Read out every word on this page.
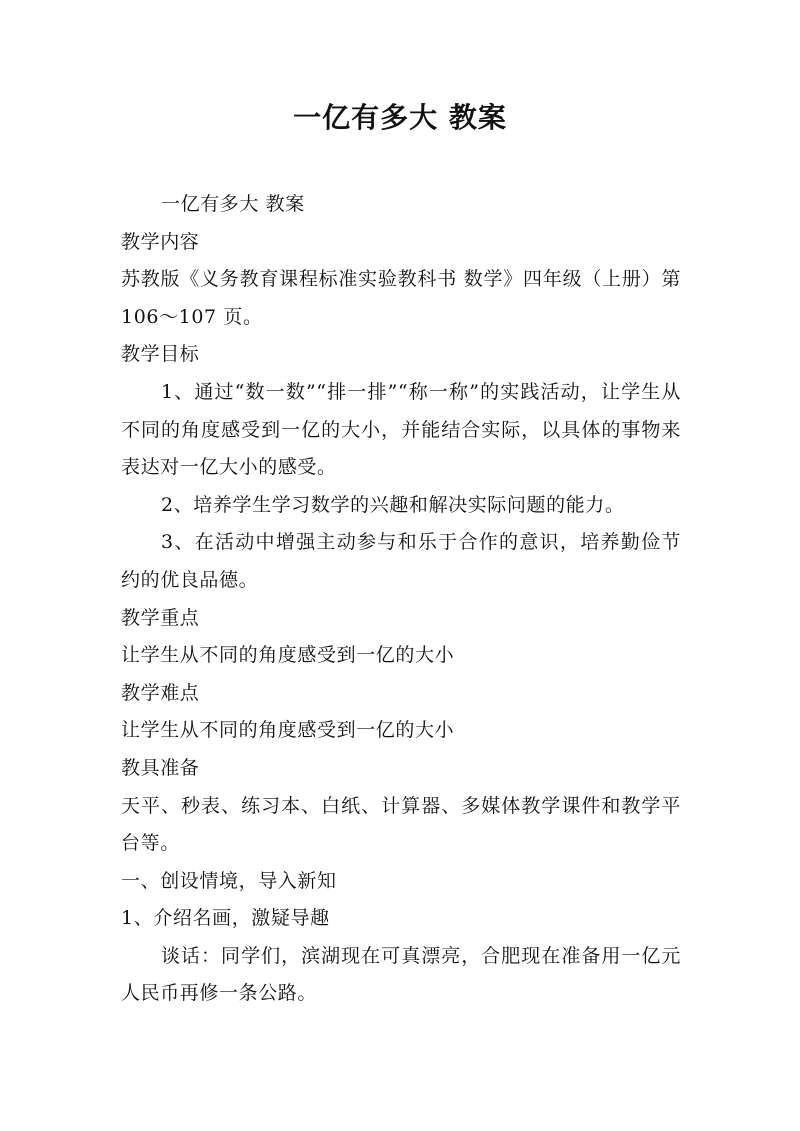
一亿有多大 教案

一亿有多大 教案

教学内容

苏教版《义务教育课程标准实验教科书 数学》四年级（上册）第 106～107 页。

教学目标

1、通过“数一数”“排一排”“称一称”的实践活动，让学生从不同的角度感受到一亿的大小，并能结合实际，以具体的事物来表达对一亿大小的感受。

2、培养学生学习数学的兴趣和解决实际问题的能力。

3、在活动中增强主动参与和乐于合作的意识，培养勤俭节约的优良品德。

教学重点

让学生从不同的角度感受到一亿的大小

教学难点

让学生从不同的角度感受到一亿的大小

教具准备

天平、秒表、练习本、白纸、计算器、多媒体教学课件和教学平台等。

一、创设情境，导入新知

1、介绍名画，激疑导趣

谈话：同学们，滨湖现在可真漂亮，合肥现在准备用一亿元人民币再修一条公路。
